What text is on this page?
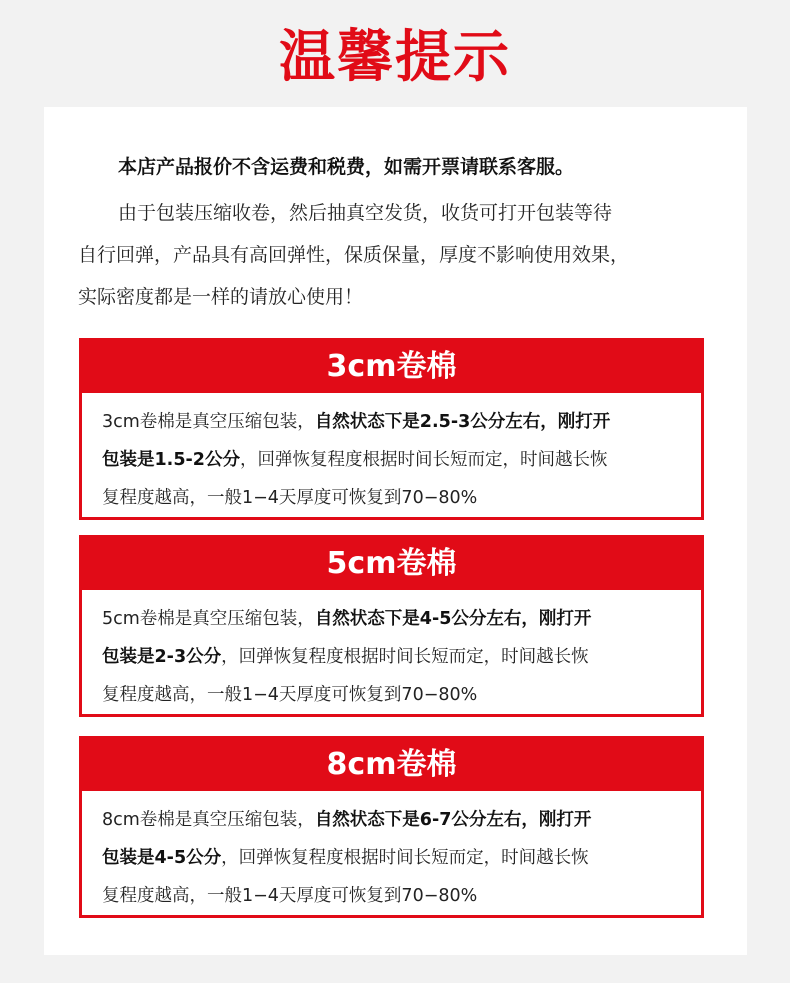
温馨提示
本店产品报价不含运费和税费，如需开票请联系客服。
由于包装压缩收卷，然后抽真空发货，收货可打开包装等待
自行回弹，产品具有高回弹性，保质保量，厚度不影响使用效果，
实际密度都是一样的请放心使用！
3cm卷棉
3cm卷棉是真空压缩包装，自然状态下是2.5-3公分左右，刚打开
包装是1.5-2公分，回弹恢复程度根据时间长短而定，时间越长恢
复程度越高，一般1−4天厚度可恢复到70−80%
5cm卷棉
5cm卷棉是真空压缩包装，自然状态下是4-5公分左右，刚打开
包装是2-3公分，回弹恢复程度根据时间长短而定，时间越长恢
复程度越高，一般1−4天厚度可恢复到70−80%
8cm卷棉
8cm卷棉是真空压缩包装，自然状态下是6-7公分左右，刚打开
包装是4-5公分，回弹恢复程度根据时间长短而定，时间越长恢
复程度越高，一般1−4天厚度可恢复到70−80%
